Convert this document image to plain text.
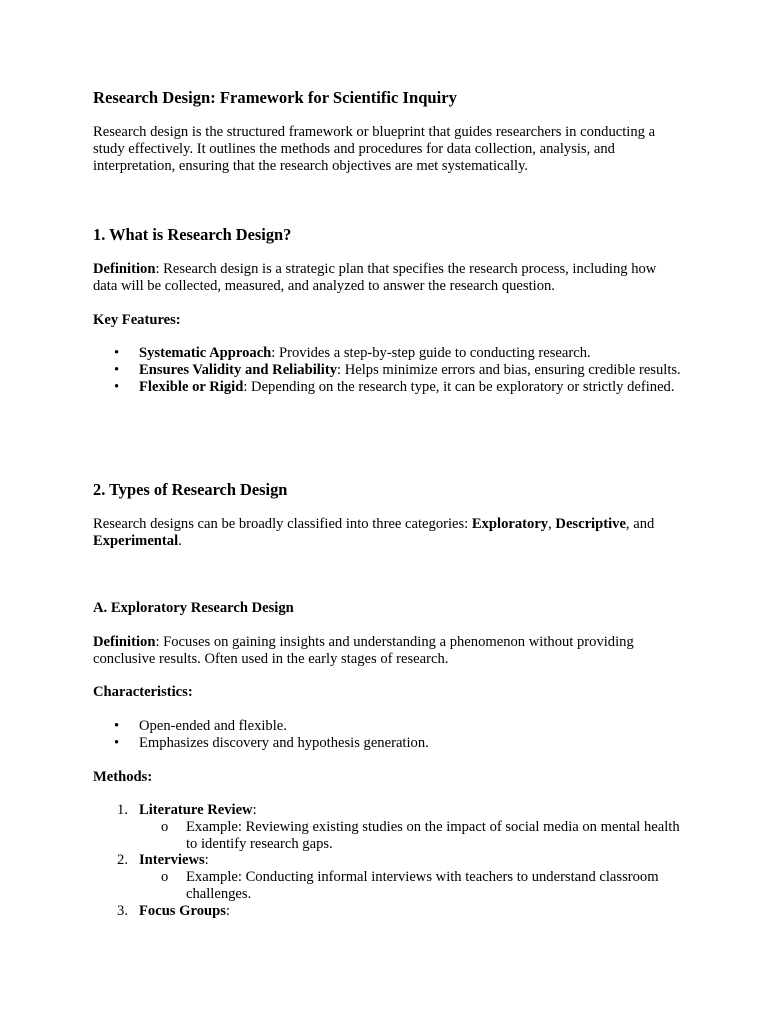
Research Design: Framework for Scientific Inquiry

Research design is the structured framework or blueprint that guides researchers in conducting a study effectively. It outlines the methods and procedures for data collection, analysis, and interpretation, ensuring that the research objectives are met systematically.

1. What is Research Design?

Definition: Research design is a strategic plan that specifies the research process, including how data will be collected, measured, and analyzed to answer the research question.

Key Features:

•	Systematic Approach: Provides a step-by-step guide to conducting research.
•	Ensures Validity and Reliability: Helps minimize errors and bias, ensuring credible results.
•	Flexible or Rigid: Depending on the research type, it can be exploratory or strictly defined.
2. Types of Research Design

Research designs can be broadly classified into three categories: Exploratory, Descriptive, and Experimental.

A. Exploratory Research Design

Definition: Focuses on gaining insights and understanding a phenomenon without providing conclusive results. Often used in the early stages of research.

Characteristics:

•	Open-ended and flexible.
•	Emphasizes discovery and hypothesis generation.

Methods:

1. Literature Review:
o Example: Reviewing existing studies on the impact of social media on mental health to identify research gaps.
2. Interviews:
o Example: Conducting informal interviews with teachers to understand classroom challenges.
3. Focus Groups:
